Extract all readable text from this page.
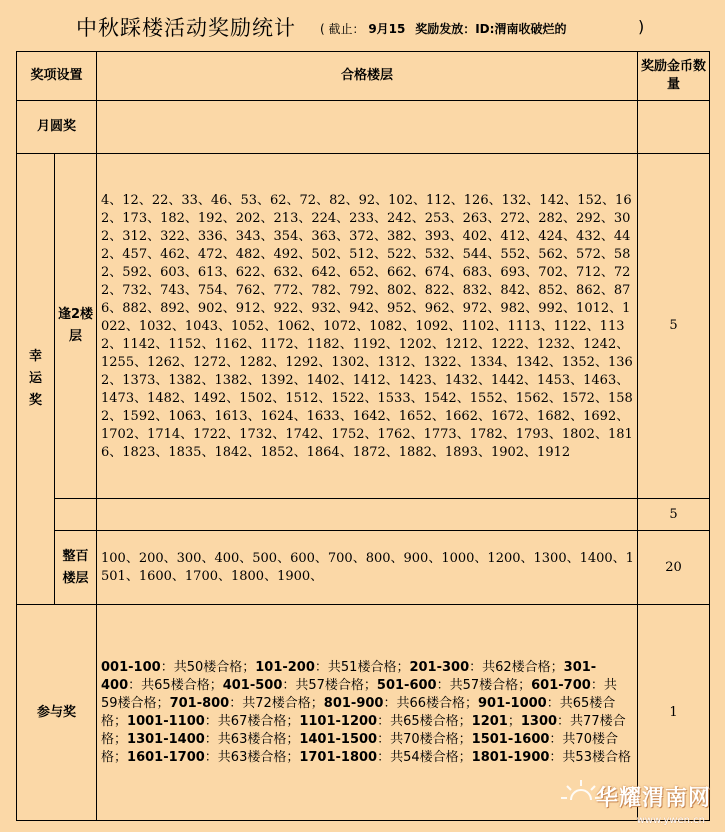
中秋踩楼活动奖励统计 ( 截止： 9月15 奖励发放：ID:渭南收破烂的	)
奖项设置		合格楼层	奖励金币数量
月圆奖			
幸运奖	逢2楼层	4、12、22、33、46、53、62、72、82、92、102、112、126、132、142、152、162、173、182、192、202、213、224、233、242、253、263、272、282、292、302、312、322、336、343、354、363、372、382、393、402、412、424、432、442、457、462、472、482、492、502、512、522、532、544、552、562、572、582、592、603、613、622、632、642、652、662、674、683、693、702、712、722、732、743、754、762、772、782、792、802、822、832、842、852、862、876、882、892、902、912、922、932、942、952、962、972、982、992、1012、1022、1032、1043、1052、1062、1072、1082、1092、1102、1113、1122、1132、1142、1152、1162、1172、1182、1192、1202、1212、1222、1232、1242、1255、1262、1272、1282、1292、1302、1312、1322、1334、1342、1352、1362、1373、1382、1382、1392、1402、1412、1423、1432、1442、1453、1463、1473、1482、1492、1502、1512、1522、1533、1542、1552、1562、1572、1582、1592、1063、1613、1624、1633、1642、1652、1662、1672、1682、1692、1702、1714、1722、1732、1742、1752、1762、1773、1782、1793、1802、1816、1823、1835、1842、1852、1864、1872、1882、1893、1902、1912	5
			5
	整百楼层	100、200、300、400、500、600、700、800、900、1000、1200、1300、1400、1501、1600、1700、1800、1900、	20
参与奖		001-100：共50楼合格；101-200：共51楼合格；201-300：共62楼合格；301-400：共65楼合格；401-500：共57楼合格；501-600：共57楼合格；601-700：共59楼合格；701-800：共72楼合格；801-900：共66楼合格；901-1000：共65楼合格；1001-1100：共67楼合格；1101-1200：共65楼合格；1201；1300：共77楼合格；1301-1400：共63楼合格；1401-1500：共70楼合格；1501-1600：共70楼合格；1601-1700：共63楼合格；1701-1800：共54楼合格；1801-1900：共53楼合格	1
华耀渭南网
www.ywen.cn
